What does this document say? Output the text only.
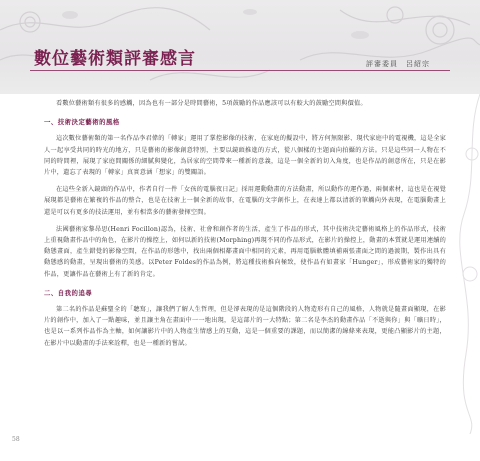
數位藝術類評審感言	評審委員　呂紹宗

看數位藝術類有很多的感觸，因為也有一部分是時間藝術，5項鼓勵的作品應該可以有較大的鼓勵空間與價值。

一、技術決定藝術的風格

這次數位藝術類的第一名作品李君偉的「轉家」運用了掌控影像的技術，在家庭的擬設中，將方何無限影、現代家庭中的電視機，這是全家人一起享受共同的時光的地方，只是藝術的影像創意特別，主要以鏡頭推進的方式，從八個樣的主題面向拍攝的方法。只是這些同一人物在不同的時間裡，展現了家庭間關係的細膩與變化，為居家的空間帶來一種新的意義，這是一個全新的切入角度，也是作品的創意所在，只是在影片中，遺忘了表現的「轉家」真實意涵「想家」的雙關語。

在這些全新入鏡頭的作品中，作者自行一件「女孩的電腦夜日記」採用運動動畫的方法動畫，所以動作的運作過，兩個素材，這也是在視覺展現都是藝術在繁複的作品的整合，也是在技術上一個全新的故事，在電腦的文字創作上，在表達上都以清新的筆觸向外表現，在電腦動畫上還是可以有更多的技法運用，並有相當多的藝術發揮空間。

法國藝術家黎昂思(Henri Focillon)認為，技術、社會和創作者的生活，產生了作品的形式，其中技術決定藝術風格上的作品形式，技術上重視動畫作品中的角色，在影片的操控上，如何以新的技術(Morphing)再現不同的作品形式，在影片的操控上，動畫的本質就是運用連續的動態畫面，產生錯覺的影像空間，在作品的形態中，找出兩個相鄰畫面中相同的元素，再用電腦軟體填補兩張畫面之間的過渡期，製作出具有動態感的動畫，呈現出藝術的美感。以Peter Foldes的作品為例，將這種技術推向極致，使作品有如畫家「Hunger」，形成藝術家的獨特的作品，更讓作品在藝術上有了新的肯定。

二、自我的追尋

第二名的作品是蘇聖全的「聽寫」，讓我們了解人生哲理，但是卻表現的是這個階段的人物造形有自己的風格，人物就是隨畫面顯現，在影片的創作中，加入了一點趣味，並且讓主角在畫面中一一地出現，是這部片的一大特點；第二名是李杰的動畫作品「不逝與你」與「曠日時」，也是以一系列作品作為主軸，如何讓影片中的人物產生情感上的互動，這是一個重要的課題，而以簡潔的線條來表現，更能凸顯影片的主題，在影片中以動畫的手法來詮釋，也是一種新的嘗試。

58
